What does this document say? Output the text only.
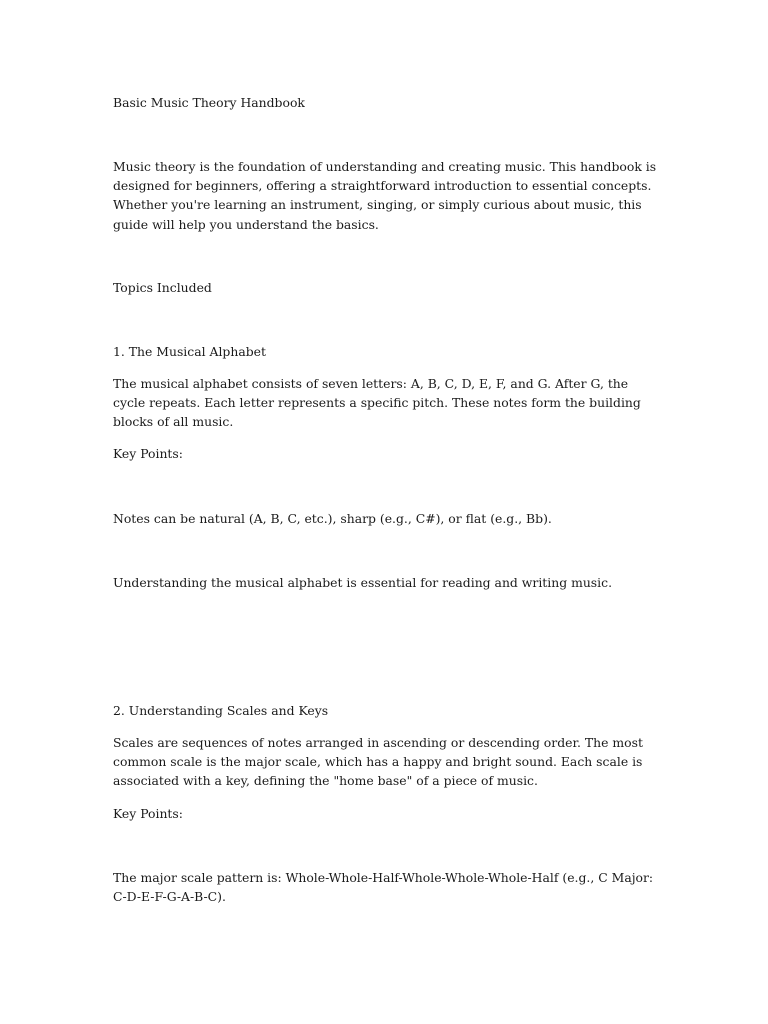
Basic Music Theory Handbook

Music theory is the foundation of understanding and creating music. This handbook is designed for beginners, offering a straightforward introduction to essential concepts. Whether you're learning an instrument, singing, or simply curious about music, this guide will help you understand the basics.

Topics Included

1. The Musical Alphabet

The musical alphabet consists of seven letters: A, B, C, D, E, F, and G. After G, the cycle repeats. Each letter represents a specific pitch. These notes form the building blocks of all music.

Key Points:

Notes can be natural (A, B, C, etc.), sharp (e.g., C#), or flat (e.g., Bb).

Understanding the musical alphabet is essential for reading and writing music.

2. Understanding Scales and Keys

Scales are sequences of notes arranged in ascending or descending order. The most common scale is the major scale, which has a happy and bright sound. Each scale is associated with a key, defining the "home base" of a piece of music.

Key Points:

The major scale pattern is: Whole-Whole-Half-Whole-Whole-Whole-Half (e.g., C Major: C-D-E-F-G-A-B-C).
